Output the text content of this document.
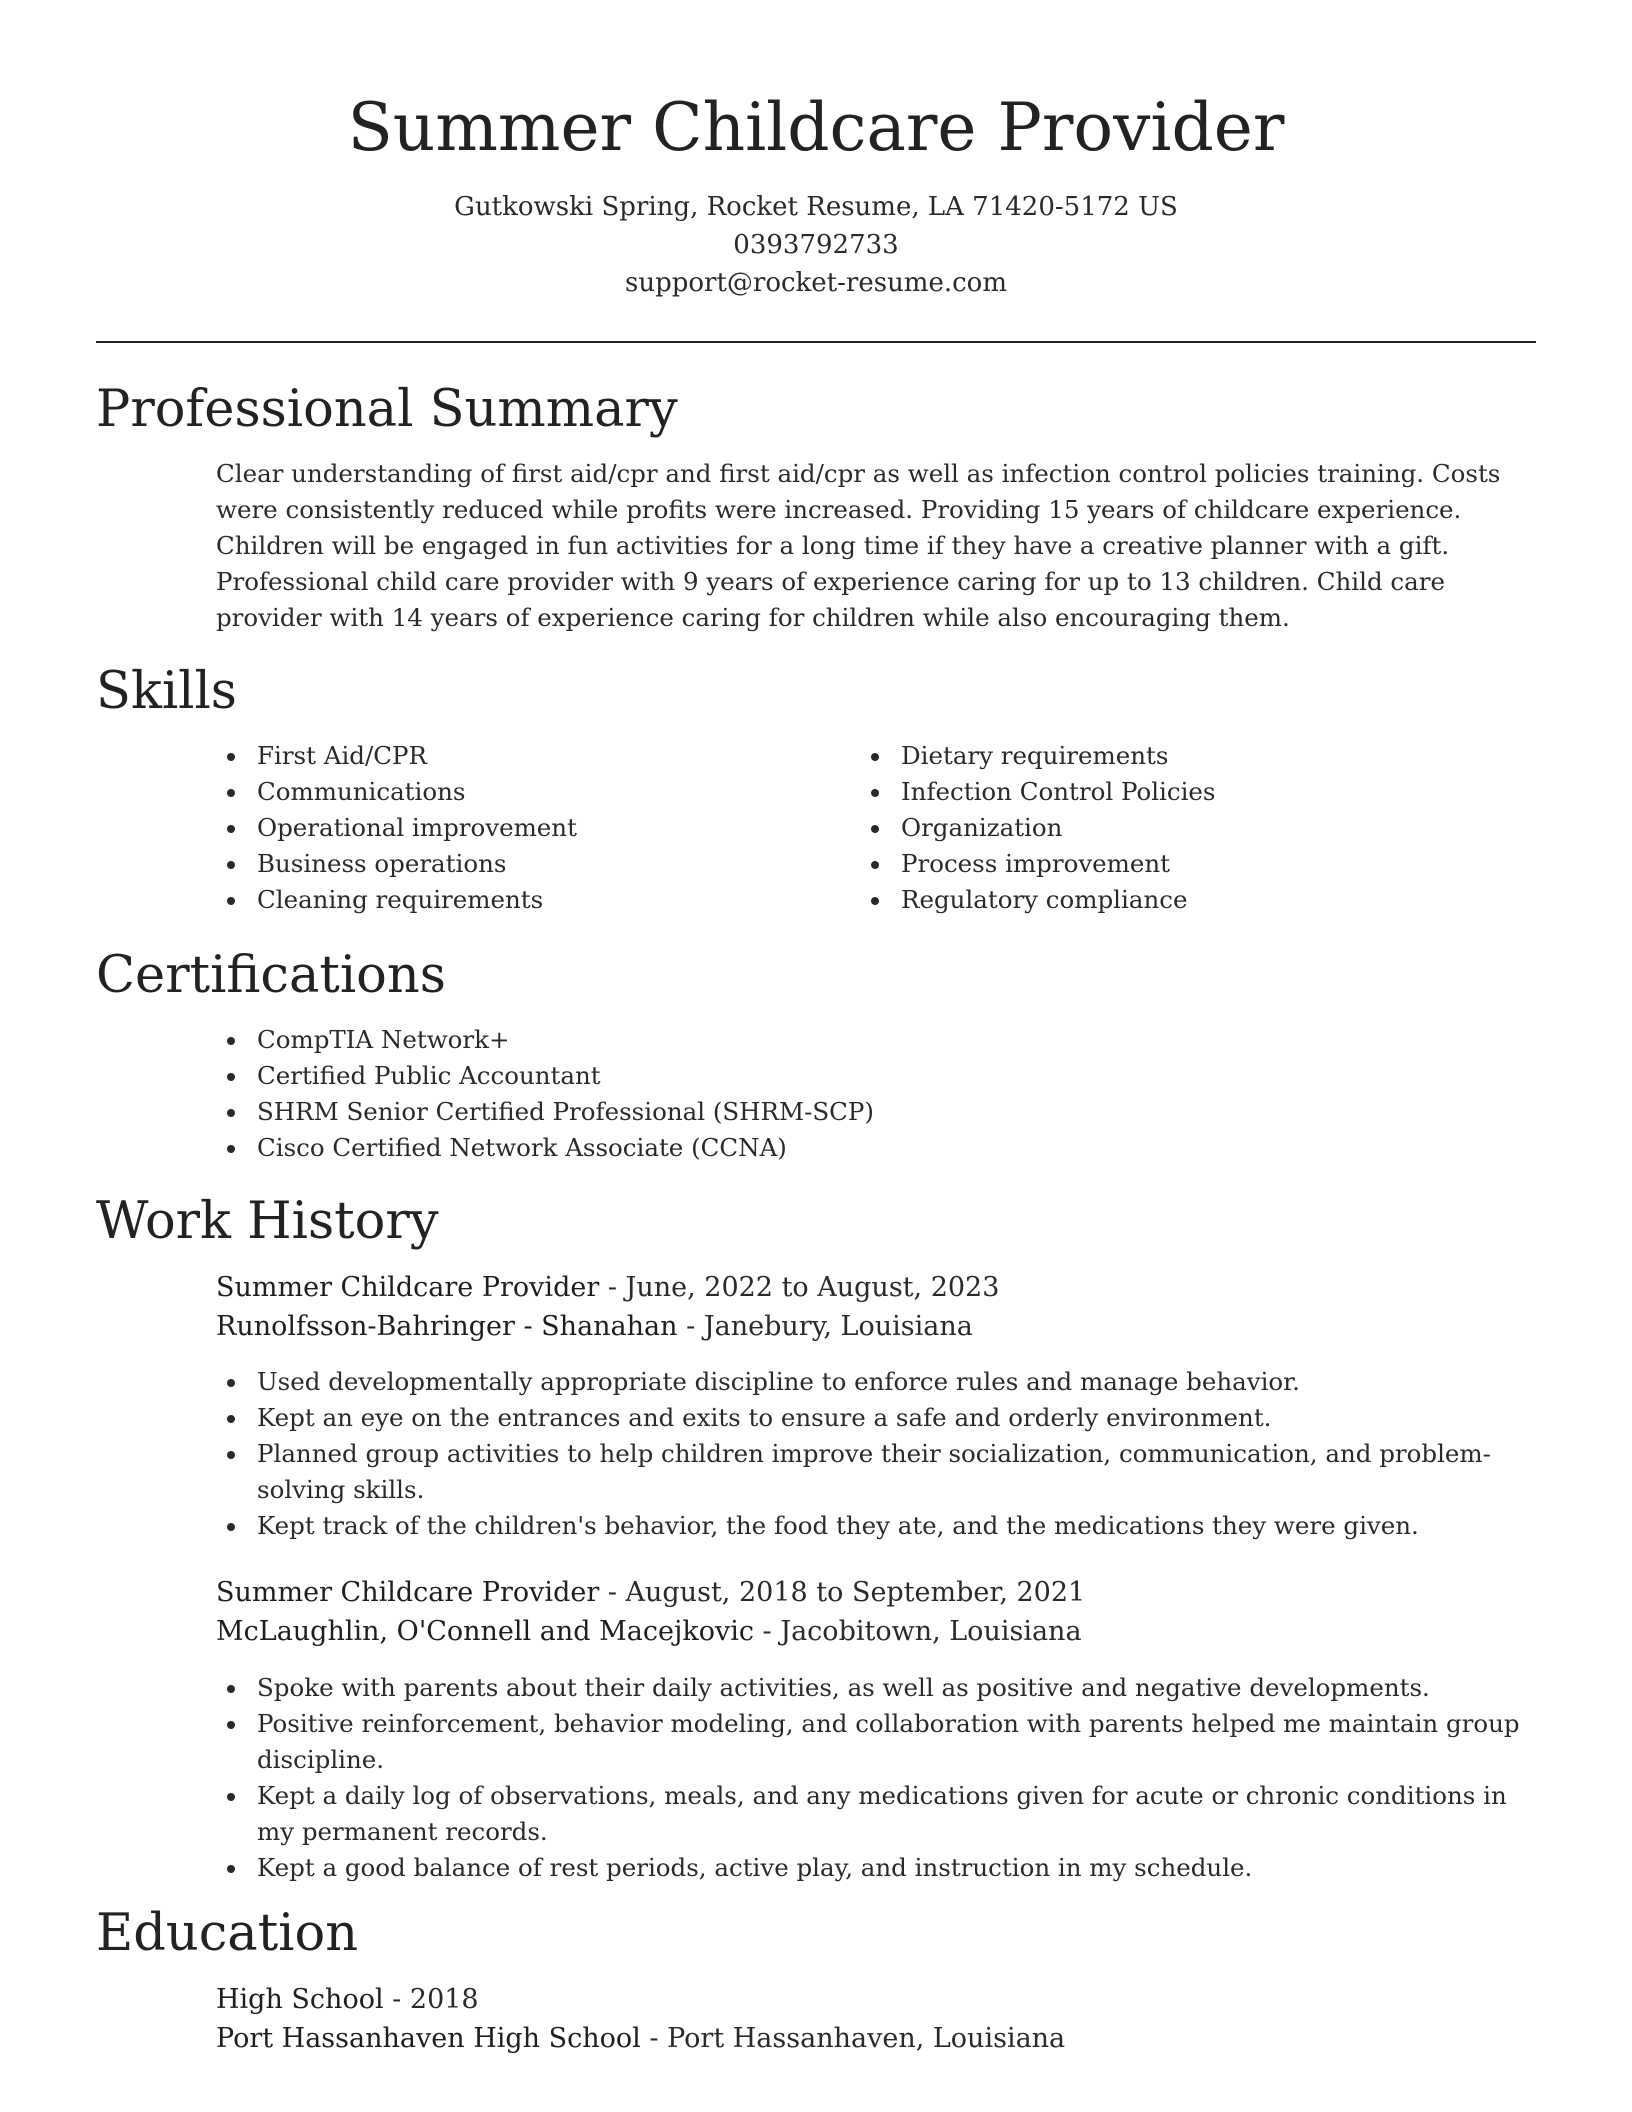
Summer Childcare Provider
Gutkowski Spring, Rocket Resume, LA 71420-5172 US
0393792733
support@rocket-resume.com
Professional Summary

Clear understanding of first aid/cpr and first aid/cpr as well as infection control policies training. Costs were consistently reduced while profits were increased. Providing 15 years of childcare experience. Children will be engaged in fun activities for a long time if they have a creative planner with a gift. Professional child care provider with 9 years of experience caring for up to 13 children. Child care provider with 14 years of experience caring for children while also encouraging them.

Skills
First Aid/CPR
Communications
Operational improvement
Business operations
Cleaning requirements
Dietary requirements
Infection Control Policies
Organization
Process improvement
Regulatory compliance
Certifications
CompTIA Network+
Certified Public Accountant
SHRM Senior Certified Professional (SHRM-SCP)
Cisco Certified Network Associate (CCNA)
Work History
Summer Childcare Provider - June, 2022 to August, 2023
Runolfsson-Bahringer - Shanahan - Janebury, Louisiana
Used developmentally appropriate discipline to enforce rules and manage behavior.
Kept an eye on the entrances and exits to ensure a safe and orderly environment.
Planned group activities to help children improve their socialization, communication, and problem-solving skills.
Kept track of the children's behavior, the food they ate, and the medications they were given.
Summer Childcare Provider - August, 2018 to September, 2021
McLaughlin, O'Connell and Macejkovic - Jacobitown, Louisiana
Spoke with parents about their daily activities, as well as positive and negative developments.
Positive reinforcement, behavior modeling, and collaboration with parents helped me maintain group discipline.
Kept a daily log of observations, meals, and any medications given for acute or chronic conditions in my permanent records.
Kept a good balance of rest periods, active play, and instruction in my schedule.
Education
High School - 2018
Port Hassanhaven High School - Port Hassanhaven, Louisiana
